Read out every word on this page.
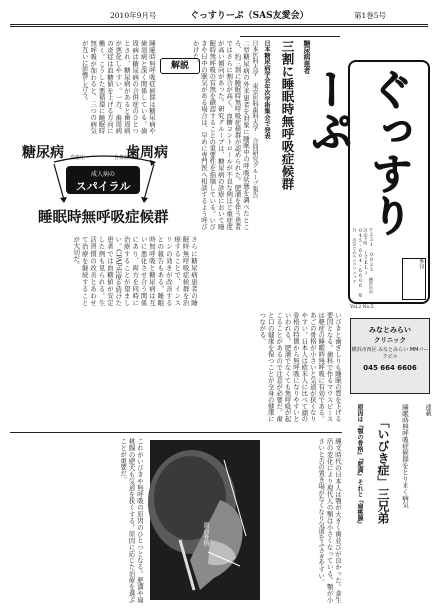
2010年9月号	ぐっすりーぷ（SAS友愛会）	第1巻5号
ぐっすりーぷ
季刊
Vol.2 No.5
〒231-0023 横浜市中区山下町 (TEL) 045-664-6606 発行 みなとみらいクリニック
糖尿病患者
三割に睡眠時無呼吸症候群
日本糖尿病学会年次学術集会で発表
日本医科大学 東京医科歯科大学 合同研究グループ報告
二型糖尿病の外来患者を対象に睡眠中の呼吸状態を調べたところ、約三割に睡眠時無呼吸症候群が認められた。肥満を伴う患者ではさらに割合が高く、血糖コントロールが不良な例ほど重症度が高い傾向があった。研究グループは、糖尿病の診療において睡眠時無呼吸の有無を確認することの重要性を指摘している。いびきや日中の眠気がある場合は、早めに専門医へ相談するよう呼びかけた。
解説
睡眠時無呼吸症候群は糖尿病や歯周病と深く関係している。歯周病は糖尿病の合併症のひとつとされ、糖尿病があると歯周病が悪化しやすい。一方、歯周病の炎症は血糖値を上げる方向に働く。こうした悪循環に睡眠時無呼吸が加わると、三つの病気が互いに影響し合う。
糖尿病	歯周病
成人病の
スパイラル
高血圧	合併症
睡眠時無呼吸症候群
さらに糖尿病患者の睡眠時無呼吸症候群を治療することで、インスリンの効きが改善するとの報告もある。睡眠時無呼吸と糖尿病は互いに悪化させ合う関係にあり、両方を同時に治療することが望ましい。CPAP治療を続けた患者では血糖値が安定した例も見られる。生活習慣の改善とあわせて治療を継続することが大切だ。
いびきと歯ぎしりも睡眠の質を下げる要因となる。歯科で作るマウスピースは軽症の睡眠時無呼吸に有効である。あごの骨格が小さいと気道が狭くなりやすい。日本人は欧米人に比べて顔の骨格の特徴から無呼吸になりやすいといわれる。肥満でなくても無呼吸が起こることがあるので注意が必要だ。歯と口の健康を保つことが全身の健康につながる。	みなとみらい
クリニック
横浜市西区 みなとみらい MMパークビル
045 664 6606
睡眠時無呼吸症候群をとりまく病気
「いびき症」三兄弟
原因は『顎の骨格』『肥満』それと『扁桃腺』	連載
縄文時代の日本人は顎が大きく歯並びが良かった。食生活の変化により現代人の顎は小さくなっている。顎が小さいと舌の置き場がなくなり気道をふさぎやすい。
これがいびきや無呼吸の原因のひとつとなる。肥満や扁桃腺の肥大も気道を狭くする。原因に応じた治療を選ぶことが重要だ。
顔面骨格
